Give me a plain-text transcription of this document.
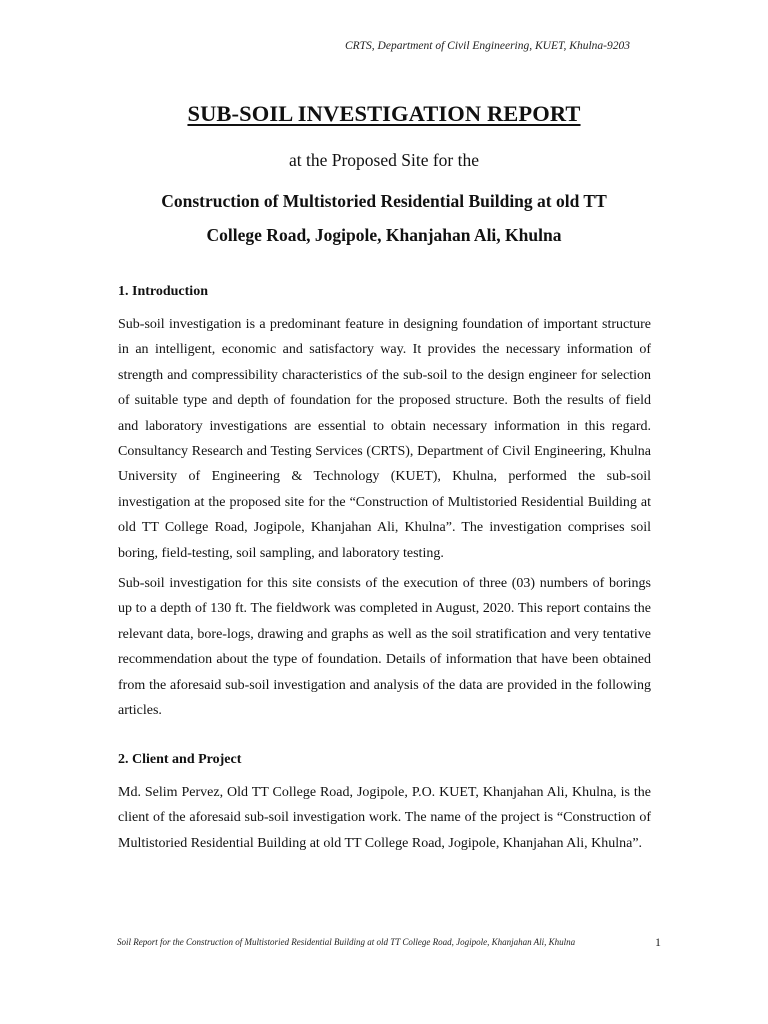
CRTS, Department of Civil Engineering, KUET, Khulna-9203
SUB-SOIL INVESTIGATION REPORT
at the Proposed Site for the
Construction of Multistoried Residential Building at old TT
College Road, Jogipole, Khanjahan Ali, Khulna
1. Introduction

Sub-soil investigation is a predominant feature in designing foundation of important structure in an intelligent, economic and satisfactory way. It provides the necessary information of strength and compressibility characteristics of the sub-soil to the design engineer for selection of suitable type and depth of foundation for the proposed structure. Both the results of field and laboratory investigations are essential to obtain necessary information in this regard. Consultancy Research and Testing Services (CRTS), Department of Civil Engineering, Khulna University of Engineering & Technology (KUET), Khulna, performed the sub-soil investigation at the proposed site for the “Construction of Multistoried Residential Building at old TT College Road, Jogipole, Khanjahan Ali, Khulna”. The investigation comprises soil boring, field-testing, soil sampling, and laboratory testing.

Sub-soil investigation for this site consists of the execution of three (03) numbers of borings up to a depth of 130 ft. The fieldwork was completed in August, 2020. This report contains the relevant data, bore-logs, drawing and graphs as well as the soil stratification and very tentative recommendation about the type of foundation. Details of information that have been obtained from the aforesaid sub-soil investigation and analysis of the data are provided in the following articles.

2. Client and Project

Md. Selim Pervez, Old TT College Road, Jogipole, P.O. KUET, Khanjahan Ali, Khulna, is the client of the aforesaid sub-soil investigation work. The name of the project is “Construction of Multistoried Residential Building at old TT College Road, Jogipole, Khanjahan Ali, Khulna”.

Soil Report for the Construction of Multistoried Residential Building at old TT College Road, Jogipole, Khanjahan Ali, Khulna	1
